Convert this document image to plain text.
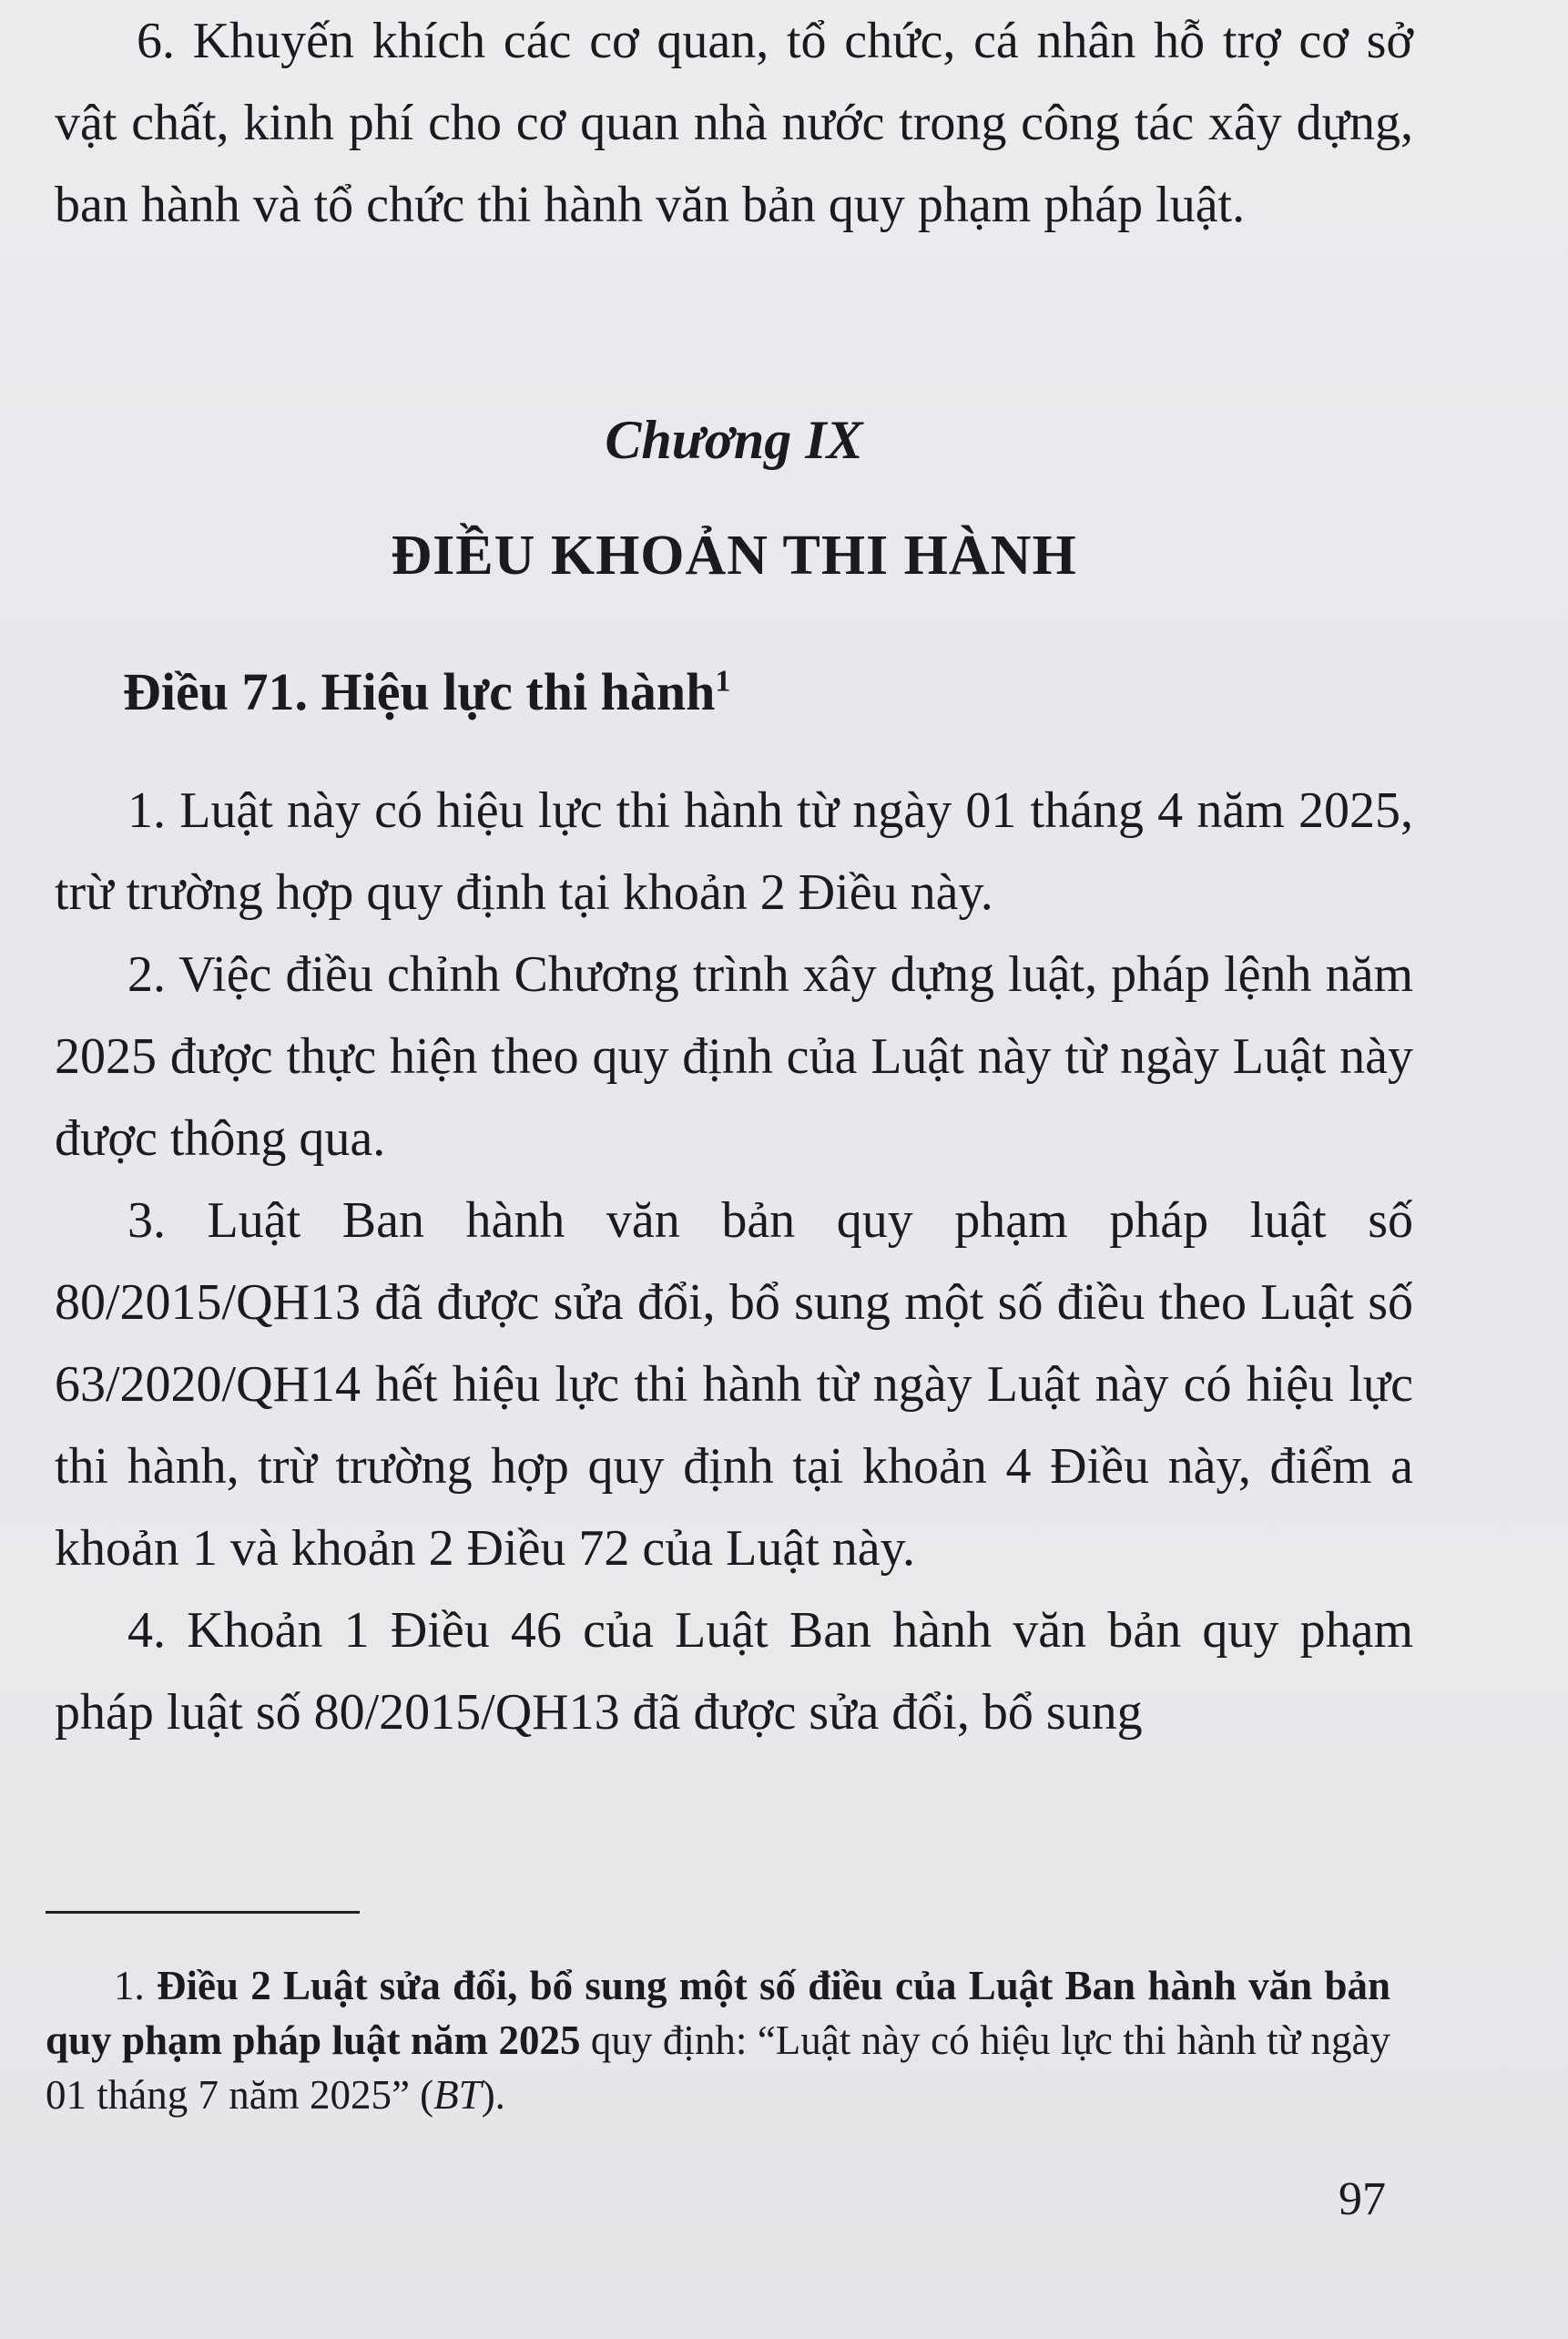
6. Khuyến khích các cơ quan, tổ chức, cá nhân hỗ trợ cơ sở vật chất, kinh phí cho cơ quan nhà nước trong công tác xây dựng, ban hành và tổ chức thi hành văn bản quy phạm pháp luật.

Chương IX
ĐIỀU KHOẢN THI HÀNH
Điều 71. Hiệu lực thi hành$^1$

1. Luật này có hiệu lực thi hành từ ngày 01 tháng 4 năm 2025, trừ trường hợp quy định tại khoản 2 Điều này.

2. Việc điều chỉnh Chương trình xây dựng luật, pháp lệnh năm 2025 được thực hiện theo quy định của Luật này từ ngày Luật này được thông qua.

3. Luật Ban hành văn bản quy phạm pháp luật số 80/2015/QH13 đã được sửa đổi, bổ sung một số điều theo Luật số 63/2020/QH14 hết hiệu lực thi hành từ ngày Luật này có hiệu lực thi hành, trừ trường hợp quy định tại khoản 4 Điều này, điểm a khoản 1 và khoản 2 Điều 72 của Luật này.

4. Khoản 1 Điều 46 của Luật Ban hành văn bản quy phạm pháp luật số 80/2015/QH13 đã được sửa đổi, bổ sung

1. Điều 2 Luật sửa đổi, bổ sung một số điều của Luật Ban hành văn bản quy phạm pháp luật năm 2025 quy định: “Luật này có hiệu lực thi hành từ ngày 01 tháng 7 năm 2025” (BT).
97
